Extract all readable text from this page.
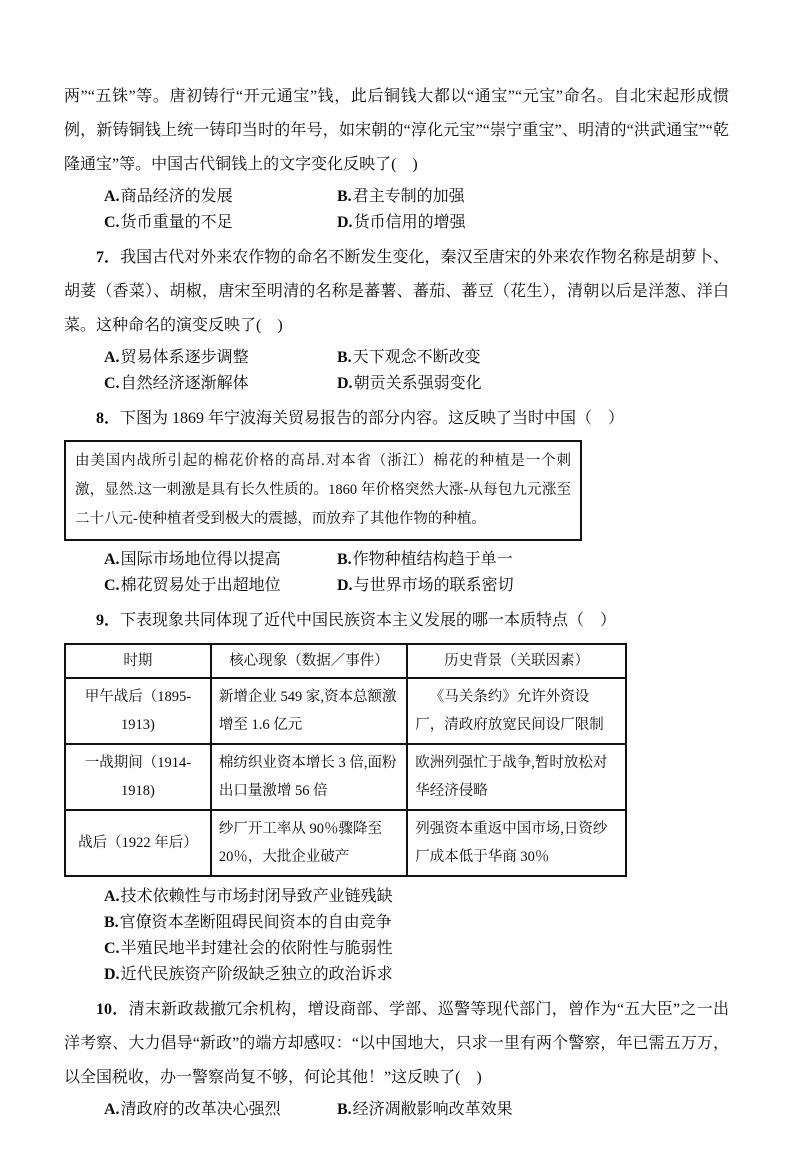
两”“五铢”等。唐初铸行“开元通宝”钱，此后铜钱大都以“通宝”“元宝”命名。自北宋起形成惯例，新铸铜钱上统一铸印当时的年号，如宋朝的“淳化元宝”“崇宁重宝”、明清的“洪武通宝”“乾隆通宝”等。中国古代铜钱上的文字变化反映了(　)

A.商品经济的发展	B.君主专制的加强
C.货币重量的不足	D.货币信用的增强

7．我国古代对外来农作物的命名不断发生变化，秦汉至唐宋的外来农作物名称是胡萝卜、胡荽（香菜）、胡椒，唐宋至明清的名称是蕃薯、蕃茄、蕃豆（花生），清朝以后是洋葱、洋白菜。这种命名的演变反映了(　)

A.贸易体系逐步调整	B.天下观念不断改变
C.自然经济逐渐解体	D.朝贡关系强弱变化

8．下图为 1869 年宁波海关贸易报告的部分内容。这反映了当时中国（　）

由美国内战所引起的棉花价格的高昂.对本省（浙江）棉花的种植是一个刺激，显然.这一刺激是具有长久性质的。1860 年价格突然大涨-从每包九元涨至二十八元-使种植者受到极大的震撼，而放弃了其他作物的种植。

A.国际市场地位得以提高	B.作物种植结构趋于单一
C.棉花贸易处于出超地位	D.与世界市场的联系密切

9．下表现象共同体现了近代中国民族资本主义发展的哪一本质特点（　）

时期	核心现象（数据／事件）	历史背景（关联因素）
甲午战后（1895-1913)	新增企业 549 家,资本总额激增至 1.6 亿元	《马关条约》允许外资设厂，清政府放宽民间设厂限制
一战期间（1914-1918)	棉纺织业资本增长 3 倍,面粉出口量激增 56 倍	欧洲列强忙于战争,暂时放松对华经济侵略
战后（1922 年后）	纱厂开工率从 90％骤降至 20％，大批企业破产	列强资本重返中国市场,日资纱厂成本低于华商 30％
A.技术依赖性与市场封闭导致产业链残缺
B.官僚资本垄断阻碍民间资本的自由竞争
C.半殖民地半封建社会的依附性与脆弱性
D.近代民族资产阶级缺乏独立的政治诉求

10．清末新政裁撤冗余机构，增设商部、学部、巡警等现代部门，曾作为“五大臣”之一出洋考察、大力倡导“新政”的端方却感叹：“以中国地大，只求一里有两个警察，年已需五万万，以全国税收，办一警察尚复不够，何论其他！”这反映了(　)

A.清政府的改革决心强烈	B.经济凋敝影响改革效果
